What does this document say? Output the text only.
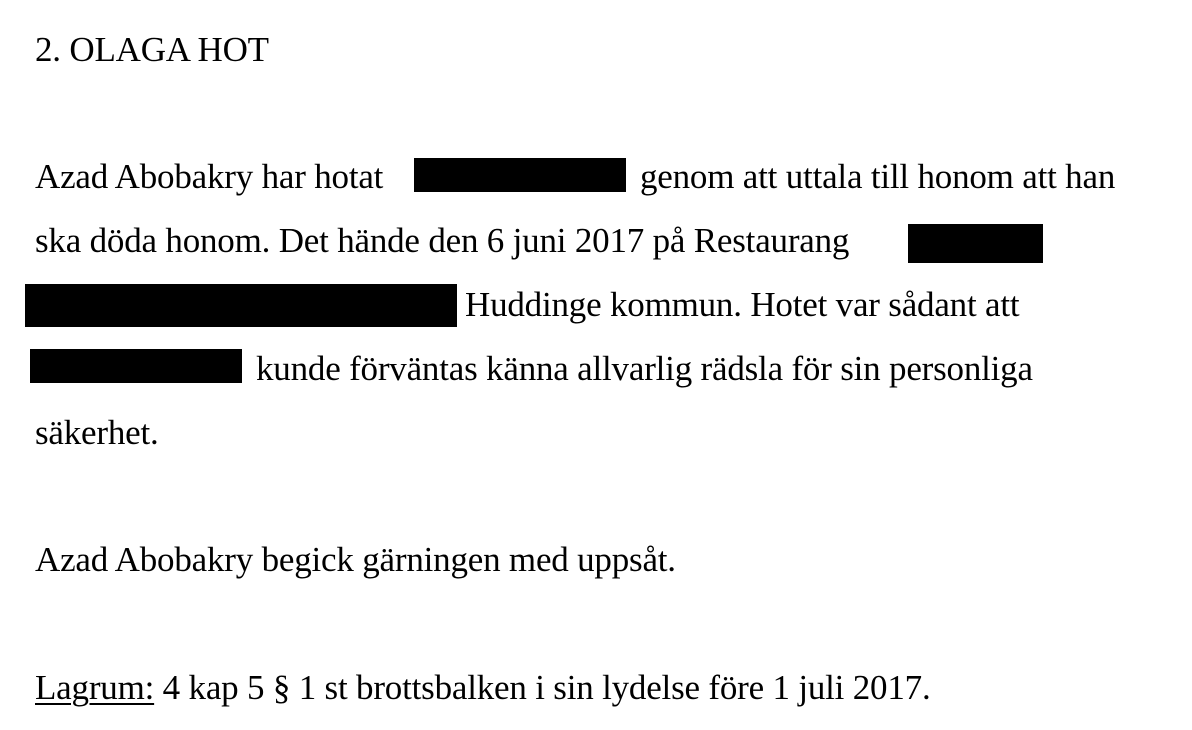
2. OLAGA HOT
Azad Abobakry har hotat	genom att uttala till honom att han
ska döda honom. Det hände den 6 juni 2017 på Restaurang
Huddinge kommun. Hotet var sådant att
kunde förväntas känna allvarlig rädsla för sin personliga
säkerhet.
Azad Abobakry begick gärningen med uppsåt.
Lagrum: 4 kap 5 § 1 st brottsbalken i sin lydelse före 1 juli 2017.
